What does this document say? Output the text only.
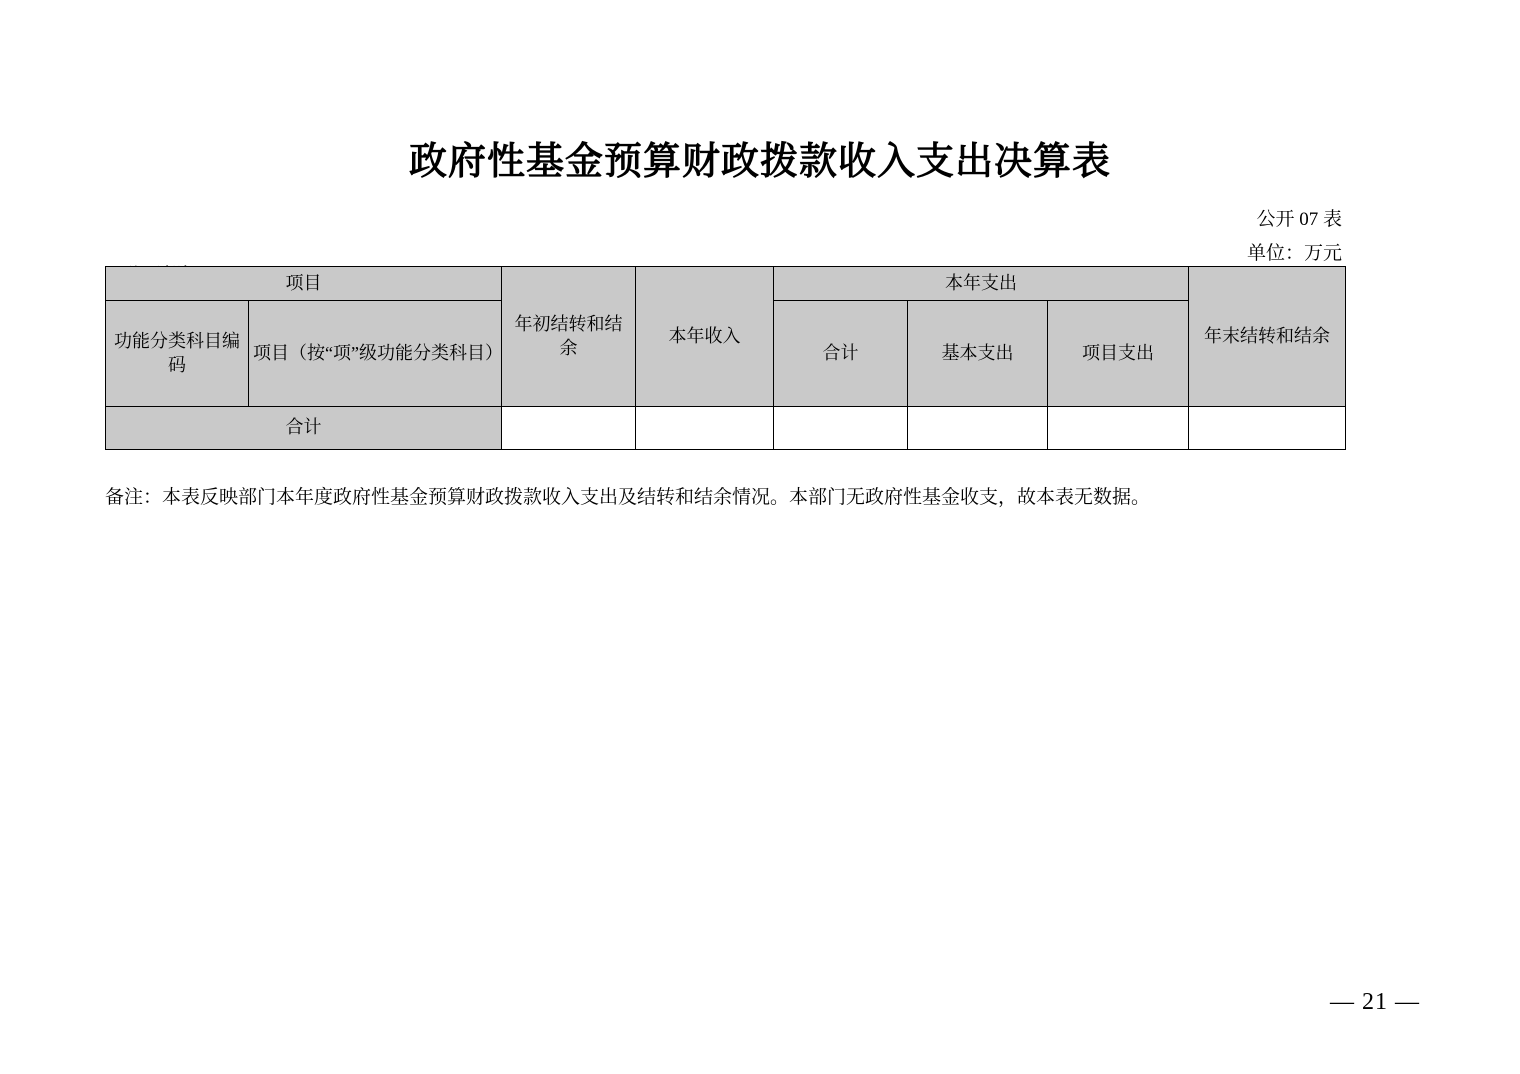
政府性基金预算财政拨款收入支出决算表
公开 07 表

单位：万元
项目		年初结转和结余	本年收入	本年支出			年末结转和结余
功能分类科目编码	项目（按“项”级功能分类科目）			合计	基本支出	项目支出	
合计							
备注：本表反映部门本年度政府性基金预算财政拨款收入支出及结转和结余情况。本部门无政府性基金收支，故本表无数据。
— 21 —
